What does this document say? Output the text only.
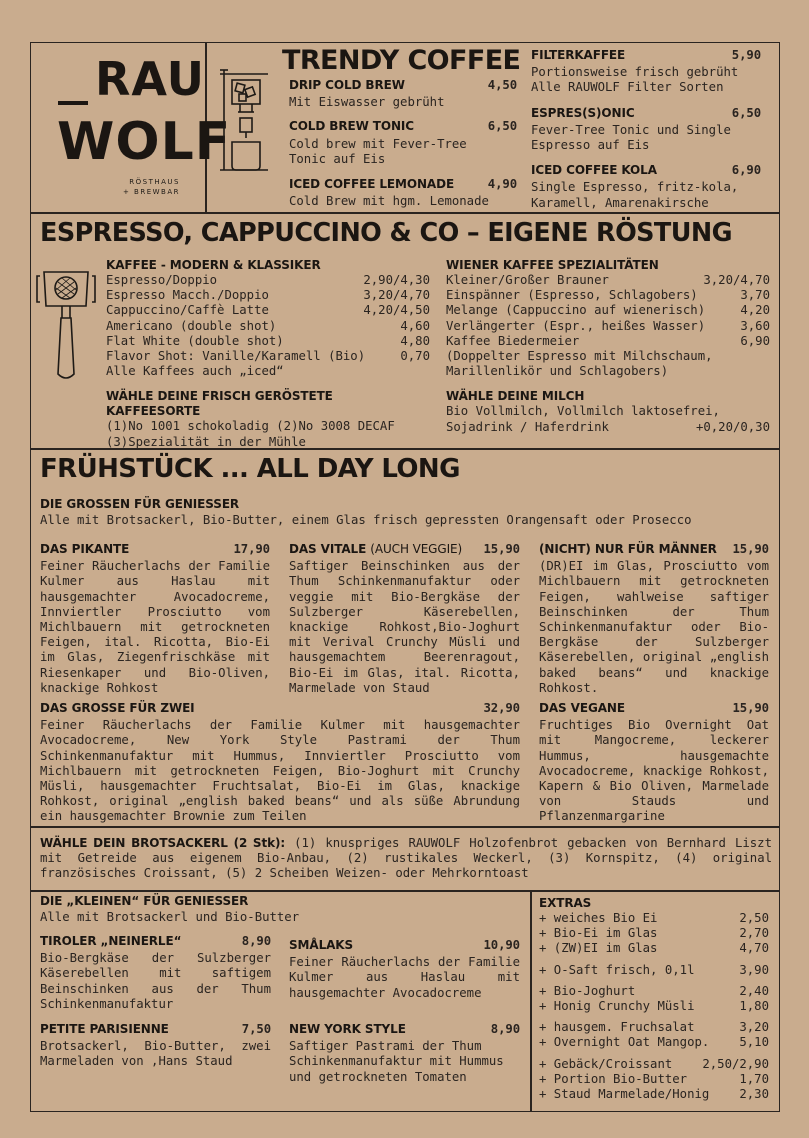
RAU
WOLF
RÖSTHAUS
+ BREWBAR
TRENDY COFFEE
DRIP COLD BREW	4,50
Mit Eiswasser gebrüht
COLD BREW TONIC	6,50
Cold brew mit Fever-Tree
Tonic auf Eis
ICED COFFEE LEMONADE	4,90
Cold Brew mit hgm. Lemonade
FILTERKAFFEE	5,90
Portionsweise frisch gebrüht
Alle RAUWOLF Filter Sorten
ESPRES(S)ONIC	6,50
Fever-Tree Tonic und Single
Espresso auf Eis
ICED COFFEE KOLA	6,90
Single Espresso, fritz-kola,
Karamell, Amarenakirsche
ESPRESSO, CAPPUCCINO & CO – EIGENE RÖSTUNG
KAFFEE - MODERN & KLASSIKER
Espresso/Doppio	2,90/4,30
Espresso Macch./Doppio	3,20/4,70
Cappuccino/Caffè Latte	4,20/4,50
Americano (double shot)	4,60
Flat White (double shot)	4,80
Flavor Shot: Vanille/Karamell (Bio)	0,70
Alle Kaffees auch „iced“
WÄHLE DEINE FRISCH GERÖSTETE KAFFEESORTE
(1)No 1001 schokoladig (2)No 3008 DECAF
(3)Spezialität in der Mühle
WIENER KAFFEE SPEZIALITÄTEN
Kleiner/Großer Brauner	3,20/4,70
Einspänner (Espresso, Schlagobers)	3,70
Melange (Cappuccino auf wienerisch)	4,20
Verlängerter (Espr., heißes Wasser)	3,60
Kaffee Biedermeier	6,90
(Doppelter Espresso mit Milchschaum,
Marillenlikör und Schlagobers)
WÄHLE DEINE MILCH
Bio Vollmilch, Vollmilch laktosefrei,
Sojadrink / Haferdrink	+0,20/0,30
FRÜHSTÜCK ... ALL DAY LONG
DIE GROSSEN FÜR GENIESSER
Alle mit Brotsackerl, Bio-Butter, einem Glas frisch gepressten Orangensaft oder Prosecco
DAS PIKANTE	17,90
Feiner Räucherlachs der Familie Kulmer aus Haslau mit hausgemachter Avocadocreme, Innviertler Prosciutto vom Michlbauern mit getrockneten Feigen, ital. Ricotta, Bio-Ei im Glas, Ziegenfrischkäse mit Riesenkaper und Bio-Oliven, knackige Rohkost
DAS VITALE (AUCH VEGGIE) 15,90
Saftiger Beinschinken aus der Thum Schinkenmanufaktur oder veggie mit Bio-Bergkäse der Sulzberger Käserebellen, knackige Rohkost,Bio-Joghurt mit Verival Crunchy Müsli und hausgemachtem Beerenragout, Bio-Ei im Glas, ital. Ricotta, Marmelade von Staud
(NICHT) NUR FÜR MÄNNER 15,90
(DR)EI im Glas, Prosciutto vom Michlbauern mit getrockneten Feigen, wahlweise saftiger Beinschinken der Thum Schinkenmanufaktur oder Bio-Bergkäse der Sulzberger Käserebellen, original „english baked beans“ und knackige Rohkost.
DAS GROSSE FÜR ZWEI	32,90
Feiner Räucherlachs der Familie Kulmer mit hausgemachter Avocadocreme, New York Style Pastrami der Thum Schinkenmanufaktur mit Hummus, Innviertler Prosciutto vom Michlbauern mit getrockneten Feigen, Bio-Joghurt mit Crunchy Müsli, hausgemachter Fruchtsalat, Bio-Ei im Glas, knackige Rohkost, original „english baked beans“ und als süße Abrundung ein hausgemachter Brownie zum Teilen
DAS VEGANE	15,90
Fruchtiges Bio Overnight Oat mit Mangocreme, leckerer Hummus, hausgemachte Avocadocreme, knackige Rohkost, Kapern & Bio Oliven, Marmelade von Stauds und Pflanzenmargarine
WÄHLE DEIN BROTSACKERL (2 Stk): (1) knuspriges RAUWOLF Holzofenbrot gebacken von Bernhard Liszt mit Getreide aus eigenem Bio-Anbau, (2) rustikales Weckerl, (3) Kornspitz, (4) original französisches Croissant, (5) 2 Scheiben Weizen- oder Mehrkorntoast
DIE „KLEINEN“ FÜR GENIESSER
Alle mit Brotsackerl und Bio-Butter
TIROLER „NEINERLE“	8,90
Bio-Bergkäse der Sulzberger Käserebellen mit saftigem Beinschinken aus der Thum Schinkenmanufaktur
SMÅLAKS	10,90
Feiner Räucherlachs der Familie Kulmer aus Haslau mit hausgemachter Avocadocreme
PETITE PARISIENNE	7,50
Brotsackerl, Bio-Butter, zwei Marmeladen von ‚Hans Staud
NEW YORK STYLE	8,90
Saftiger Pastrami der Thum Schinkenmanufaktur mit Hummus und getrockneten Tomaten
EXTRAS
+ weiches Bio Ei	2,50
+ Bio-Ei im Glas	2,70
+ (ZW)EI im Glas	4,70
+ O-Saft frisch, 0,1l	3,90
+ Bio-Joghurt	2,40
+ Honig Crunchy Müsli	1,80
+ hausgem. Fruchsalat	3,20
+ Overnight Oat Mangop. 5,10
+ Gebäck/Croissant 2,50/2,90
+ Portion Bio-Butter	1,70
+ Staud Marmelade/Honig 2,30
